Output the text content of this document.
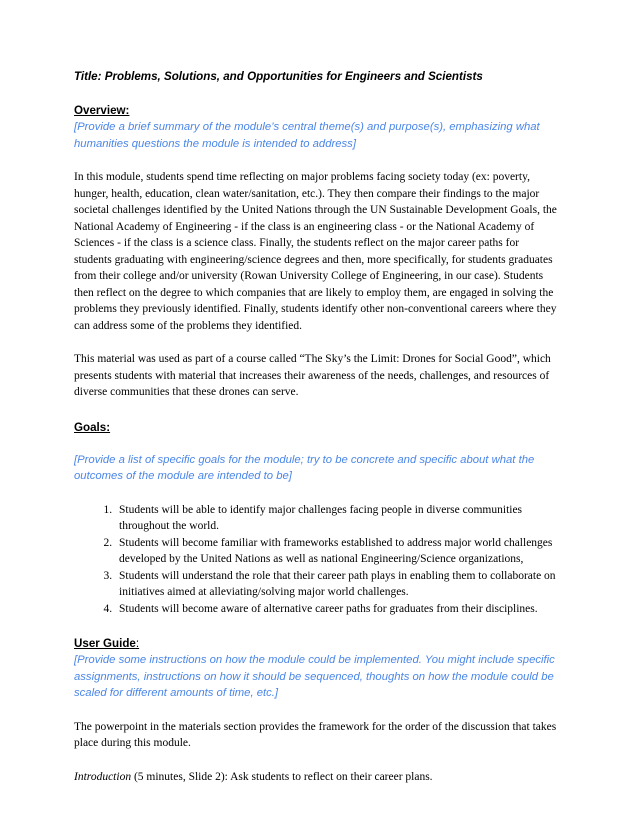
Title: Problems, Solutions, and Opportunities for Engineers and Scientists

Overview:

[Provide a brief summary of the module’s central theme(s) and purpose(s), emphasizing what humanities questions the module is intended to address]

In this module, students spend time reflecting on major problems facing society today (ex: poverty, hunger, health, education, clean water/sanitation, etc.). They then compare their findings to the major societal challenges identified by the United Nations through the UN Sustainable Development Goals, the National Academy of Engineering - if the class is an engineering class - or the National Academy of Sciences - if the class is a science class. Finally, the students reflect on the major career paths for students graduating with engineering/science degrees and then, more specifically, for students graduates from their college and/or university (Rowan University College of Engineering, in our case). Students then reflect on the degree to which companies that are likely to employ them, are engaged in solving the problems they previously identified. Finally, students identify other non-conventional careers where they can address some of the problems they identified.

This material was used as part of a course called “The Sky’s the Limit: Drones for Social Good”, which presents students with material that increases their awareness of the needs, challenges, and resources of diverse communities that these drones can serve.

Goals:

[Provide a list of specific goals for the module; try to be concrete and specific about what the outcomes of the module are intended to be]

1. Students will be able to identify major challenges facing people in diverse communities throughout the world.
2. Students will become familiar with frameworks established to address major world challenges developed by the United Nations as well as national Engineering/Science organizations,
3. Students will understand the role that their career path plays in enabling them to collaborate on initiatives aimed at alleviating/solving major world challenges.
4. Students will become aware of alternative career paths for graduates from their disciplines.

User Guide:

[Provide some instructions on how the module could be implemented. You might include specific assignments, instructions on how it should be sequenced, thoughts on how the module could be scaled for different amounts of time, etc.]

The powerpoint in the materials section provides the framework for the order of the discussion that takes place during this module.

Introduction (5 minutes, Slide 2): Ask students to reflect on their career plans.
